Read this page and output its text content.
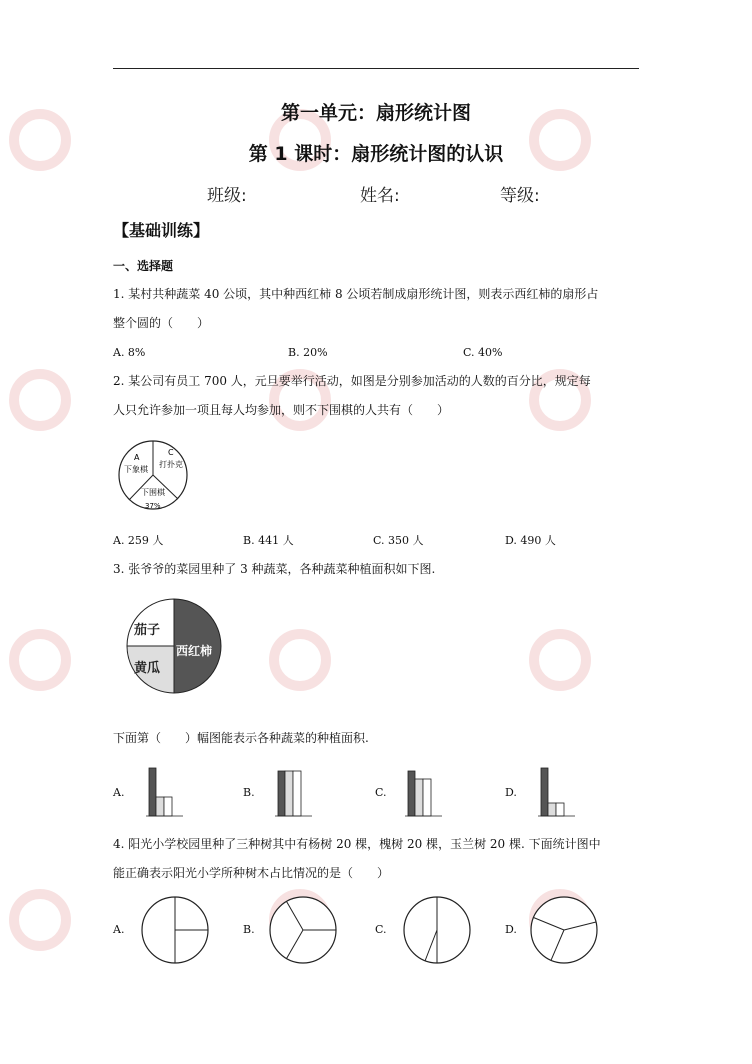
第一单元：扇形统计图
第 1 课时：扇形统计图的认识
班级:	姓名:	等级:
【基础训练】
一、选择题
1. 某村共种蔬菜 40 公顷，其中种西红柿 8 公顷若制成扇形统计图，则表示西红柿的扇形占
整个圆的（　　）
A. 8%	B. 20%	C. 40%
2. 某公司有员工 700 人，元旦要举行活动，如图是分别参加活动的人数的百分比，规定每
人只允许参加一项且每人均参加，则不下围棋的人共有（　　）
A
下象棋
C
打扑克
下围棋
37%
A. 259 人	B. 441 人	C. 350 人	D. 490 人
3. 张爷爷的菜园里种了 3 种蔬菜，各种蔬菜种植面积如下图.
茄子
黄瓜
西红柿
下面第（　　）幅图能表示各种蔬菜的种植面积.
A.	B.	C.	D.
4. 阳光小学校园里种了三种树其中有杨树 20 棵，槐树 20 棵，玉兰树 20 棵. 下面统计图中
能正确表示阳光小学所种树木占比情况的是（　　）
A.	B.	C.	D.
